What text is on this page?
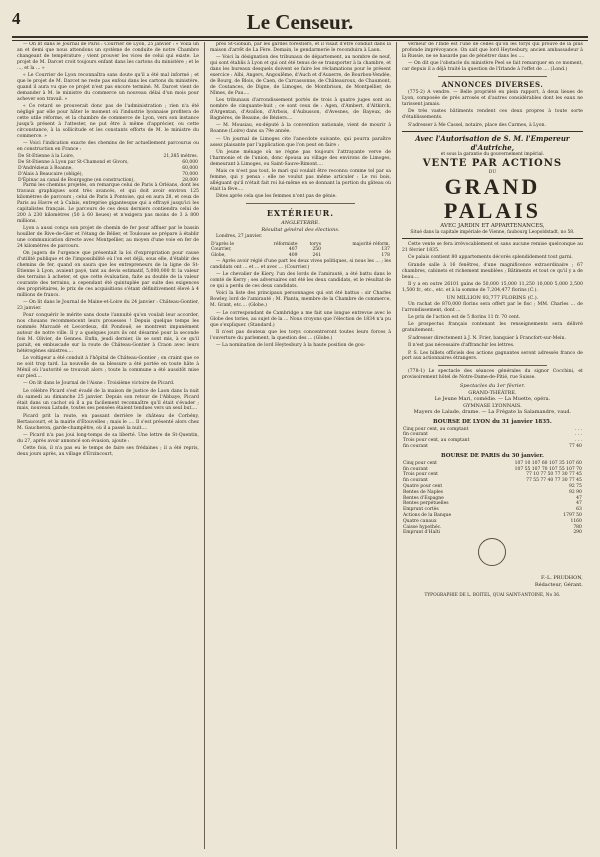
4	Le Censeur.

— On lit dans le Journal de Paris : Courrier de Lyon, 25 janvier : « Voilà un an et demi que nous attendons un système de conduite de notre Chambre changeant de température ; vient prouver les vices de celui qui existe. Le projet de M. Darcet croit toujours enfant dans les cartons du ministère ; et le ..., et la ... »

« Le Courrier de Lyon reconnaîtra sans doute qu'il a été mal informé ; et que le projet de M. Darcet ne reste pas enfoui dans les cartons du ministère, quand il aura vu que ce projet n'est pas encore terminé. M. Darcet vient de demander à M. le ministre du commerce un nouveau délai d'un mois pour achever son travail. »

« Ce retard se prouverait donc pas de l'administration ; rien n'a été négligé par elle pour hâter le moment où l'industrie lyonnaise profitera de cette utile réforme, et la chambre de commerce de Lyon, vers son instance jusqu'à présent à l'attester, ne put être à même d'apprécier, ou cette circonstance, à la sollicitude et les constants efforts de M. le ministre du commerce. »

— Voici l'indication exacte des chemins de fer actuellement parcourus ou en construction en France :

De St-Etienne à la Loire,	21,385 mètres.
De St-Etienne à Lyon par St-Chamond et Givors,	60,000
D'Andrézieux à Roanne,	60,000
D'Alais à Beaucaire (obligé),	70,000
D'Épinac au canal de Bourgogne (en construction),	28,000

Parmi les chemins projetés, on remarque celui de Paris à Orléans, dont les travaux graphiques sont très avancés, et qui doit avoir environ 125 kilomètres de parcours ; celui de Paris à Pontoise, qui en aura 28, et ceux de Paris au Havre et à Calais, entreprise gigantesque qui a effrayé jusqu'ici les capitalistes français. Le parcours de ces deux derniers contiendra celui de 200 à 230 kilomètres (50 à 60 lieues) et n'exigera pas moins de 3 à 800 millions.

Lyon a aussi conçu son projet de chemin de fer pour affluer par le bassin houiller de Rive-de-Gier et l'étang de Bélier, et Toulouse se prépare à établir une communication directe avec Montpellier, au moyen d'une voie en fer de 24 kilomètres de parcours.

On jugera de l'urgence que présentait la loi d'expropriation pour cause d'utilité publique et de l'impossibilité où l'on est déjà, sous elle, d'établir des chemins de fer, quand on saura que les entrepreneurs de la ligne de St-Etienne à Lyon, avaient payé, tant au devis estimatif, 5,000,000 fr. la valeur des terrains à acheter, et que cette évaluation, faite au double de la valeur courante des terrains, a cependant été quintuplée par suite des exigences des propriétaires, le prix de ces acquisitions s'étant définitivement élevé à 4 millions de francs.

— On lit dans le Journal de Maine-et-Loire du 24 janvier : Château-Gontier, 23 janvier.

Pour conquérir le mérite sans doute l'annuité qu'on voulait leur accorder, nos chouans recommencent leurs prouesses ! Depuis quelque temps les nommés Marcadé et Lecordeux, dit Pondouë, se montrent impunément autour de notre ville. Il y a quelques jours ils ont désarmé pour la seconde fois M. Olivier, de Gennes. Enfin, jeudi dernier, ils se sont mis, à ce qu'il parait, en embuscade sur la route de Château-Gontier à Craon avec leurs hétérogènes sinistres....

Le voltigeur a été conduit à l'hôpital de Château-Gontier ; on craint que ce ne soit trop tard. La nouvelle de sa blessure a été portée en toute hâte à Ménil où l'autorité se trouvait alors ; toute la commune a été aussitôt mise sur pied....

— On lit dans le Journal de l'Aisne : Troisième victoire de Picard.

Le célèbre Picard s'est évadé de la maison de justice de Laon dans la nuit du samedi au dimanche 25 janvier. Depuis son retour de l'Abbaye, Picard était dans un cachot où il a pu facilement reconnaître qu'il était s'évader ; mais, nouveau Latude, toutes ses pensées étaient tendues vers un seul but....

Picard prit la route, en passant derrière le château de Corbény, Bertaucourt, et la mairie d'Étouvelles ; mais le .... Il s'est présenté alors chez M. Gaucheron, garde-champêtre, où il a passé la nuit....

— Picard n'a pas joui long-temps de sa liberté. Une lettre de St-Quentin, du 27, après avoir annoncé son évasion, ajoute :

Cette fois, il n'a pas eu le temps de faire ses frédaines ; il a été repris, deux jours après, au village d'Erzincourt,

près St-Gobain, par les gardes forestiers, et il visait d'être conduit dans la maison d'arrêt de La Fère. Demain, le gendarmerie le reconduira à Laon.

— Voici la désignation des tribunaux de département, au nombre de neuf, qui sont établis à Lyon et qui ont été tenus de se transporter à la chambre, et dans les bureaux desquels doivent se faire les réclamations pour le présent exercice : Albi, Angers, Angoulême, d'Auch et d'Auxerre, de Bourbon-Vendée, de Bourg, de Blois, de Caen, de Carcassonne, de Châteauroux, de Chaumont, de Coutances, de Digne, de Limoges, de Montbrison, de Montpellier, de Nîmes, de Pau....

Les tribunaux d'arrondissement portés de trois à quatre juges sont au nombre de cinquante-huit ; ce sont ceux de : Agen, d'Ambert, d'Altkirch, d'Argentan, d'Avallon, d'Arbois, d'Aubusson, d'Avesnes, de Bayeux, de Bagnères, de Beaune, de Béziers....

— M. Mousiau, ex-député à la convention nationale, vient de mourir à Roanne (Loire) dans sa 79e année.

— Un journal de Limoges cite l'anecdote suivante, qui pourra paraître assez plaisante par l'application que l'on peut en faire :

Un jeune ménage où ne règne pas toujours l'attrayante verve de l'harmonie et de l'union, donc épousa au village des environs de Limoges, demeurant à Limoges, ou Saint-Sauve-Rimont....

Mais ce n'est pas tout, le mari qui voulait être reconnu comme tel par sa femme, qui y pensa : elle ne voulut pas même articuler : Le roi bois, alléguant qu'il n'était fait roi lui-même en se donnant la portion du gâteau où était la fève....

Dites après cela que les femmes n'ont pas de génie.

EXTÉRIEUR.
ANGLETERRE.
Résultat général des élections.

Londres, 27 janvier.

D'après le	réformiste	torys	majorité réform.
Courrier,	407	250	137
Globe,	409	241	178

— Après avoir réglé d'une part les deux vives politiques, si nous les ... ; les candidats ont ... et ... et avec ... (Courrier.)

— Le chevalier de Kiery, l'un des lords de l'amirauté, a été battu dans le comté de Kerry ; ses adversaires ont été les deux candidats, et le résultat de ce qui a perdu de ces deux candidats.

Voici la liste des principaux personnages qui ont été battus : sir Charles Rowley, lord de l'amirauté ; M. Planta, membre de la Chambre de commerce, M. Grant, etc.... (Globe.)

— Le correspondant de Cambridge a me fait une longue entrevue avec le Globe des tories, au sujet de la ... Nous croyons que l'élection de 1834 n'a pu que s'expliquer. (Standard.)

Il n'est pas douteux que les torys concentreront toutes leurs forces à l'ouverture du parlement, la question des ... (Globe.)

— La nomination de lord Heytesbury à la haute position de gou-

verneur de l'Inde est l'une de celles qu'on les torys qui prouve de la plus profonde imprévoyance. On sait que lord Heytesbury, ancien ambassadeur à la Russie, ne se hasarde pas de pénétrer dans les ....

— On dit que l'obstacle du ministère Peel se fait remarquer en ce moment, car depuis il a déjà traité la question de l'Irlande à l'effet de .... (Lond.)

ANNONCES DIVERSES.

(775-2) A vendre. — Belle propriété en plein rapport, à deux lieues de Lyon, composée de prés arrosés et d'autres considérables dont les eaux ne tarissent jamais.

De très vastes bâtiments rendent ces deux propres à toute sorte d'établissements.

S'adresser à Me Cassel, notaire, place des Carmes, à Lyon.

Avec l'Autorisation de S. M. l'Empereur d'Autriche,
et sous la garantie du gouvernement impérial.
VENTE PAR ACTIONS
DU
GRAND PALAIS
AVEC JARDIN ET APPARTENANCES,
Situé dans la capitale impériale de Vienne, faubourg Leopoldstadt, no 58.

Cette vente se fera irrévocablement et sans aucune remise quelconque au 21 février 1835.

Ce palais contient 80 appartements décorés splendidement tout garni.

Grande salle à 16 fenêtres, d'une magnificence extraordinaire ; 67 chambres, cabinets et richement meublées ; Bâtiments et tout ce qu'il y a de beau....

Il y a en outre 26101 gains de 50,000 15,000 11,250 10,000 5,000 2,500 1,500 fr., etc., etc. et à la somme de 7,204,477 florins (C.).

UN MILLION 93,777 FLORINS (C.).

Un rachat de 870,000 florins sera offert par le fisc ; MM. Charles ... de l'arrondissement, dont ...

Le prix de l'action est de 5 florins 11 fr. 70 cent.

Le prospectus français contenant les renseignements sera délivré gratuitement.

S'adresser directement à J. N. Frier, banquier à Francfort-sur-Mein.

Il n'est pas nécessaire d'affranchir les lettres.

P. S. Les billets officiels des actions gagnantes seront adressés franco de port aux actionnaires étrangers.

(778-1) Le spectacle des séances générales du signor Cocchini, et provisoirement hôtel de Notre-Dame-de-Pitié, rue Suisse.

Spectacles du 1er février.
GRAND-THÉÂTRE.
Le Jeune Mari, comédie. — La Muette, opéra.
GYMNASE LYONNAIS.
Mayers de Lalade, drame. — La Frégate la Salamandre, vaud.
BOURSE DE LYON du 31 janvier 1835.
Cinq pour cent, au comptant	. . .
fin courant	. . .
Trois pour cent, au comptant	. . .
fin courant	77 40
BOURSE DE PARIS du 30 janvier.
Cinq pour cent	107 10 107 60 107 35 107 60
fin courant	107 55 107 70 107 55 107 70
Trois pour cent	77 10 77 50 77 30 77 45
fin courant	77 55 77 40 77 30 77 45
Quatre pour cent	92 75
Rentes de Naples	92 90
Rentes d'Espagne	47
Rentes perpétuelles	47
Emprunt cortès	63
Actions de la Banque	1797 50
Quatre canaux	1160
Caisse hypothéc.	780
Emprunt d'Haïti	290
F.-L. PRUDHON,
Rédacteur, Gérant.
TYPOGRAPHIE DE L. BOITEL, QUAI SAINT-ANTOINE, No 36.
